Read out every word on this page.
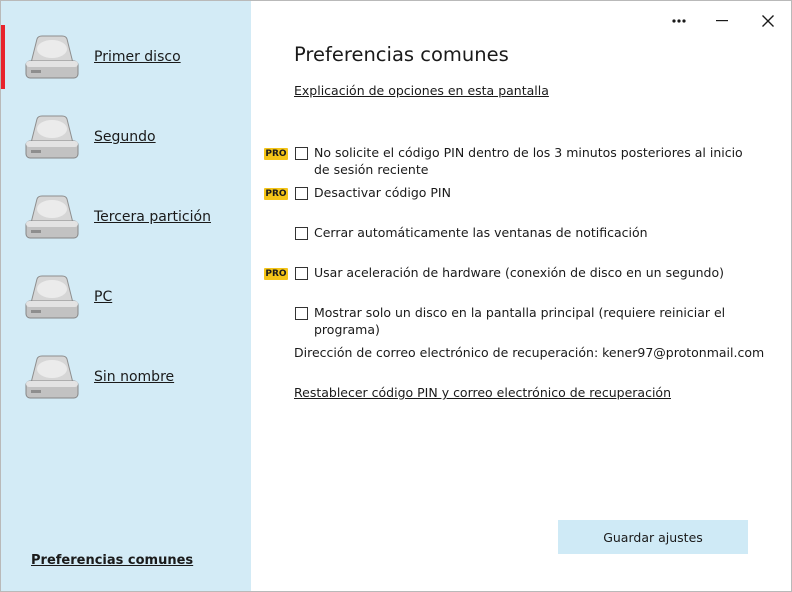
Primer disco
Segundo
Tercera partición
PC
Sin nombre
Preferencias comunes
Preferencias comunes
Explicación de opciones en esta pantalla
PRO No solicite el código PIN dentro de los 3 minutos posteriores al inicio de sesión reciente
PRO Desactivar código PIN
Cerrar automáticamente las ventanas de notificación
PRO Usar aceleración de hardware (conexión de disco en un segundo)
Mostrar solo un disco en la pantalla principal (requiere reiniciar el programa)
Dirección de correo electrónico de recuperación: kener97@protonmail.com
Restablecer código PIN y correo electrónico de recuperación
Guardar ajustes
